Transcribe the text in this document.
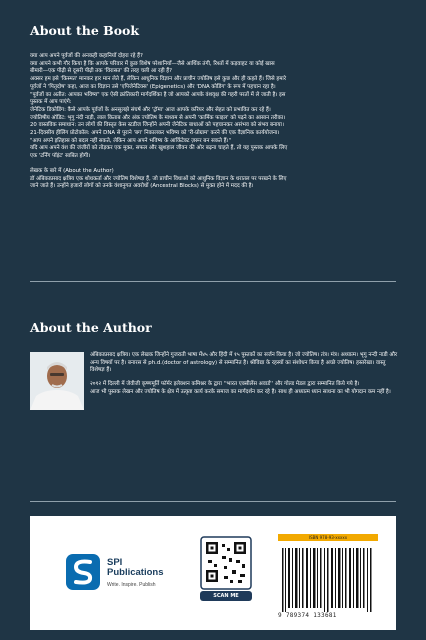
About the Book

क्या आप अपने पूर्वजों की अनकही कहानियाँ दोहरा रहे हैं?

क्या आपने कभी गौर किया है कि आपके परिवार में कुछ विशेष परेशानियाँ—जैसे आर्थिक तंगी, रिश्तों में कड़वाहट या कोई खास

बीमारी—एक पीढ़ी से दूसरी पीढ़ी तक 'विरासत' की तरह चली आ रही हैं?

अक्सर हम इसे 'किस्मत' मानकर हार मान लेते हैं, लेकिन आधुनिक विज्ञान और प्राचीन ज्योतिष इसे कुछ और ही कहते हैं। जिसे हमारे

पूर्वजों ने 'पितृदोष' कहा, आज का विज्ञान उसे 'एपिजेनेटिक्स' (Epigenetics) और 'DNA कोडिंग' के रूप में पहचान रहा है।

"पूर्वजों का अतीत: आपका भविष्य" एक ऐसी क्रांतिकारी मार्गदर्शिका है जो आपको आपके वंशवृक्ष की गहरी परतों में ले जाती है। इस

पुस्तक में आप पाएंगे:

जेनेटिक डिकोडिंग: कैसे आपके पूर्वजों के अनसुलझे संघर्ष और 'ट्रॉमा' आज आपके करियर और सेहत को प्रभावित कर रहे हैं।

ज्योतिषीय ऑडिट: भृगु नंदी नाड़ी, लाल किताब और अंक ज्योतिष के माध्यम से अपनी 'कार्मिक फाइल' को पढ़ने का आसान तरीका।

20 वास्तविक समाधान: उन लोगों की विस्तृत केस स्टडीज जिन्होंने अपनी जेनेटिक बाधाओं को पहचानकर असंभव को संभव बनाया।

21-दिवसीय हीलिंग प्रोटोकॉल: अपने DNA से पुराने 'बग' निकालकर भविष्य को 'री-प्रोग्राम' करने की एक वैज्ञानिक कार्ययोजना।

"आप अपने इतिहास को बदल नहीं सकते, लेकिन आप अपने भविष्य के आर्किटेक्ट ज़रूर बन सकते हैं।"

यदि आप अपने वंश की जंजीरों को तोड़कर एक मुक्त, सफल और खुशहाल जीवन की ओर बढ़ना चाहते हैं, तो यह पुस्तक आपके लिए

एक 'टर्निंग पॉइंट' साबित होगी।

लेखक के बारे में (About the Author)

डॉ अंबिकाप्रसाद क्षत्रिय एक शोधकर्ता और ज्योतिष विशेषज्ञ हैं, जो प्राचीन विधाओं को आधुनिक विज्ञान के धरातल पर परखने के लिए

जाने जाते हैं। उन्होंने हजारों लोगों को उनके वंशानुगत अवरोधों (Ancestral Blocks) से मुक्त होने में मदद की है।

About the Author

अंबिकाप्रसाद क्षत्रिय। एक लेखक जिन्होंने गुजराती भाषा में४५ और हिंदी में १५ पुस्तकों का सर्जन किया है। जो ज्योतिष। तंत्र। मंत्र। अध्यात्म। भृगु नन्दी नाडी और अन्य विषयों पर है। बनारस से ph.d.(doctor of astrology) से सम्मानित है। श्रीविद्या के रहस्यों का संशोधन किया है अच्छे ज्योतिष। हस्तरेखा। वास्तु विशेषज्ञ हैं।

२०१२ में दिल्ली में जेवीजी कृष्णमूर्ति फॉर्मर इलेक्शन कमिश्नर के द्वारा ''भारत एक्सीलेंस अवार्ड'' और गोल्ड मेडल द्वारा सम्मानित किये गये है।

आज भी पुस्तक लेखन और ज्योतिष के क्षेत्र में उत्कृष्ट कार्य करके समाज का मार्गदर्शन कर रहे है। साथ ही अध्यात्म ध्यान साधना का भी योगदान कम नहीं है।

SPI
Publications
Write. Inspire. Publish
SCAN ME
ISBN 978-93-xxxxx
9 789374 133681
